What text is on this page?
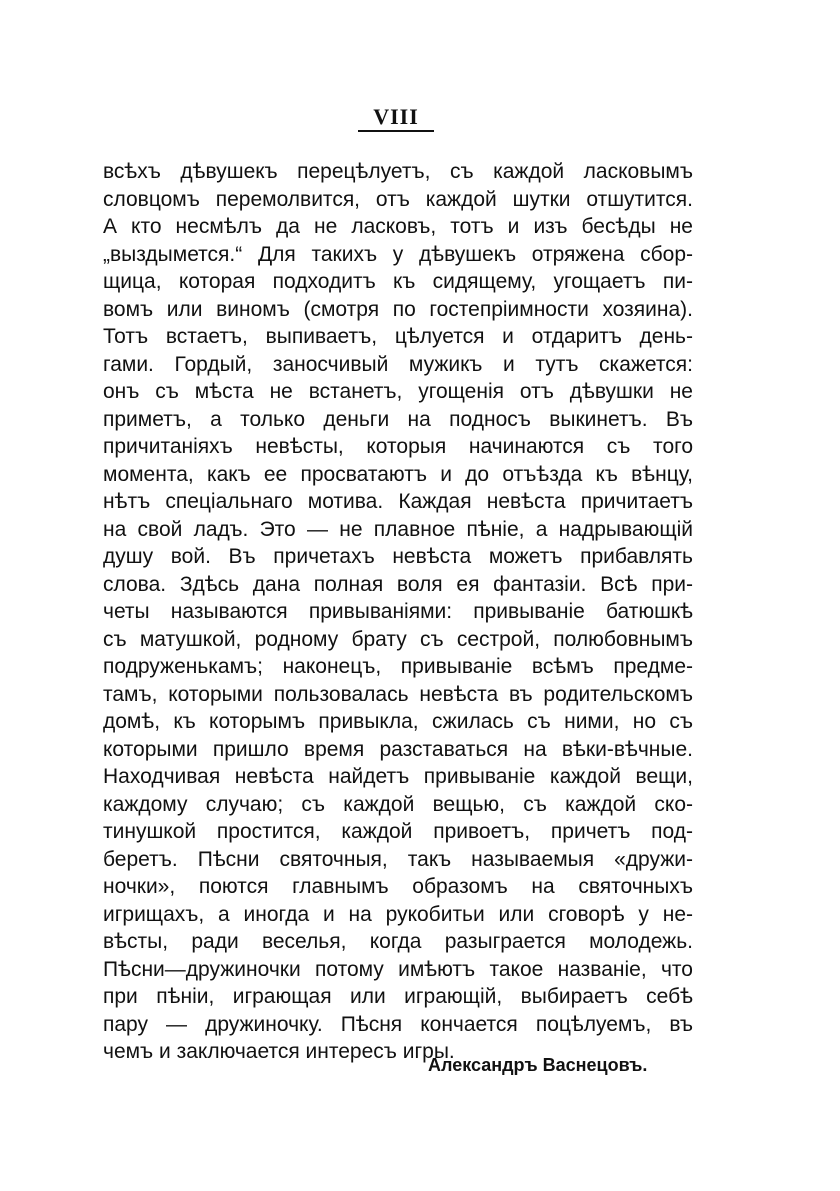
VIII
всѣхъ дѣвушекъ перецѣлуетъ, съ каждой ласковымъ
словцомъ перемолвится, отъ каждой шутки отшутится.
А кто несмѣлъ да не ласковъ, тотъ и изъ бесѣды не
„выздымется.“ Для такихъ у дѣвушекъ отряжена сбор-
щица, которая подходитъ къ сидящему, угощаетъ пи-
вомъ или виномъ (смотря по гостепріимности хозяина).
Тотъ встаетъ, выпиваетъ, цѣлуется и отдаритъ день-
гами. Гордый, заносчивый мужикъ и тутъ скажется:
онъ съ мѣста не встанетъ, угощенія отъ дѣвушки не
приметъ, а только деньги на подносъ выкинетъ. Въ
причитаніяхъ невѣсты, которыя начинаются съ того
момента, какъ ее просватаютъ и до отъѣзда къ вѣнцу,
нѣтъ спеціальнаго мотива. Каждая невѣста причитаетъ
на свой ладъ. Это — не плавное пѣніе, а надрывающій
душу вой. Въ причетахъ невѣста можетъ прибавлять
слова. Здѣсь дана полная воля ея фантазіи. Всѣ при-
четы называются привываніями: привываніе батюшкѣ
съ матушкой, родному брату съ сестрой, полюбовнымъ
подруженькамъ; наконецъ, привываніе всѣмъ предме-
тамъ, которыми пользовалась невѣста въ родительскомъ
домѣ, къ которымъ привыкла, сжилась съ ними, но съ
которыми пришло время разставаться на вѣки-вѣчные.
Находчивая невѣста найдетъ привываніе каждой вещи,
каждому случаю; съ каждой вещью, съ каждой ско-
тинушкой простится, каждой привоетъ, причетъ под-
беретъ. Пѣсни святочныя, такъ называемыя «дружи-
ночки», поются главнымъ образомъ на святочныхъ
игрищахъ, а иногда и на рукобитьи или сговорѣ у не-
вѣсты, ради веселья, когда разыграется молодежь.
Пѣсни—дружиночки потому имѣютъ такое названіе, что
при пѣніи, играющая или играющій, выбираетъ себѣ
пару — дружиночку. Пѣсня кончается поцѣлуемъ, въ
чемъ и заключается интересъ игры.
Александръ Васнецовъ.
